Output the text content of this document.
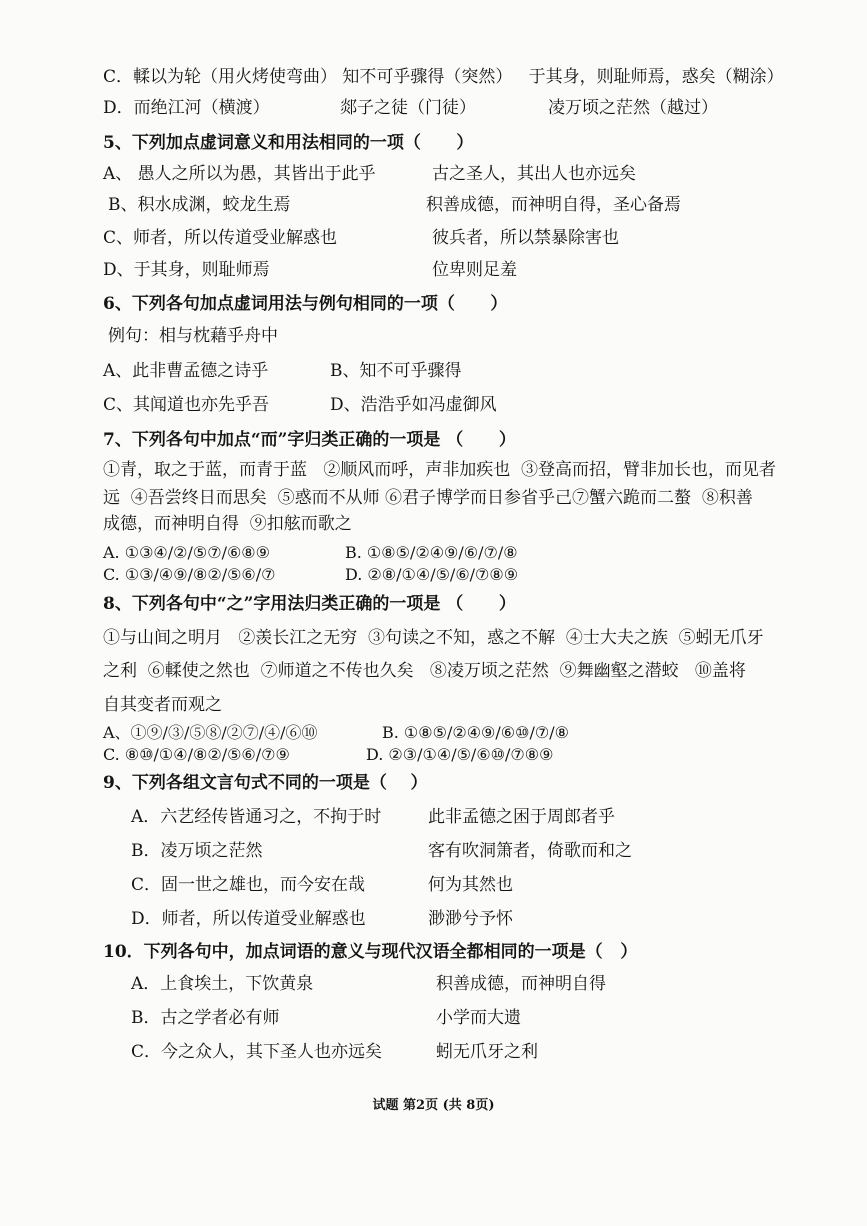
C．輮以为轮（用火烤使弯曲） 知不可乎骤得（突然）   于其身，则耻师焉，惑矣（糊涂）
D．而绝江河（横渡）	郯子之徒（门徒）	凌万顷之茫然（越过）
5、下列加点虚词意义和用法相同的一项（      ）
A、 愚人之所以为愚，其皆出于此乎	古之圣人，其出人也亦远矣
B、积水成渊，蛟龙生焉	积善成德，而神明自得，圣心备焉
C、师者，所以传道受业解惑也	彼兵者，所以禁暴除害也
D、于其身，则耻师焉	位卑则足羞
6、下列各句加点虚词用法与例句相同的一项（      ）
例句：相与枕藉乎舟中
A、此非曹孟德之诗乎	B、知不可乎骤得
C、其闻道也亦先乎吾	D、浩浩乎如冯虚御风
7、下列各句中加点“而”字归类正确的一项是 （      ）
①青，取之于蓝，而青于蓝   ②顺风而呼，声非加疾也  ③登高而招，臂非加长也，而见者
远  ④吾尝终日而思矣  ⑤惑而不从师 ⑥君子博学而日参省乎己⑦蟹六跪而二螯  ⑧积善
成德，而神明自得  ⑨扣舷而歌之
A. ①③④/②/⑤⑦/⑥⑧⑨	B. ①⑧⑤/②④⑨/⑥/⑦/⑧
C. ①③/④⑨/⑧②/⑤⑥/⑦	D. ②⑧/①④/⑤/⑥/⑦⑧⑨
8、下列各句中“之”字用法归类正确的一项是 （      ）
①与山间之明月   ②羡长江之无穷  ③句读之不知，惑之不解  ④士大夫之族  ⑤蚓无爪牙
之利  ⑥輮使之然也  ⑦师道之不传也久矣   ⑧凌万顷之茫然  ⑨舞幽壑之潜蛟   ⑩盖将
自其变者而观之
A、①⑨/③/⑤⑧/②⑦/④/⑥⑩	B. ①⑧⑤/②④⑨/⑥⑩/⑦/⑧
C. ⑧⑩/①④/⑧②/⑤⑥/⑦⑨	D. ②③/①④/⑤/⑥⑩/⑦⑧⑨
9、下列各组文言句式不同的一项是（    ）
A．六艺经传皆通习之，不拘于时	此非孟德之困于周郎者乎
B．凌万顷之茫然	客有吹洞箫者，倚歌而和之
C．固一世之雄也，而今安在哉	何为其然也
D．师者，所以传道受业解惑也	渺渺兮予怀
10．下列各句中，加点词语的意义与现代汉语全都相同的一项是（   ）
A．上食埃土，下饮黄泉	积善成德，而神明自得
B．古之学者必有师	小学而大遗
C．今之众人，其下圣人也亦远矣	蚓无爪牙之利
试题 第2页 (共 8页)
